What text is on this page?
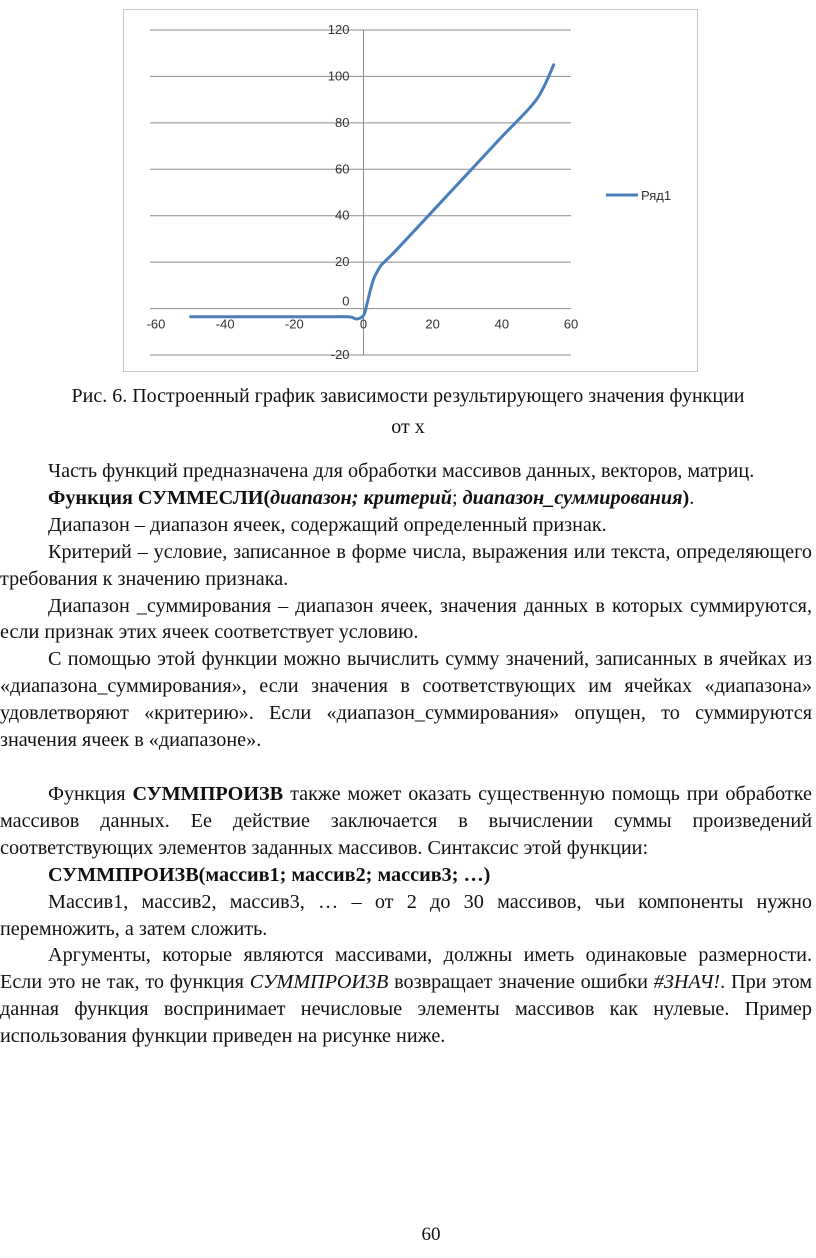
-20
0
20
40
60
80
100
120
-60	-40	-20	0	20	40	60
Ряд1
Рис. 6. Построенный график зависимости результирующего значения функции
от х

Часть функций предназначена для обработки массивов данных, векторов, матриц.

Функция СУММЕСЛИ(диапазон; критерий; диапазон_суммирования).

Диапазон – диапазон ячеек, содержащий определенный признак.

Критерий – условие, записанное в форме числа, выражения или текста, определяющего требования к значению признака.

Диапазон _суммирования – диапазон ячеек, значения данных в которых суммируются, если признак этих ячеек соответствует условию.

С помощью этой функции можно вычислить сумму значений, записанных в ячейках из «диапазона_суммирования», если значения в соответствующих им ячейках «диапазона» удовлетворяют «критерию». Если «диапазон_суммирования» опущен, то суммируются значения ячеек в «диапазоне».

Функция СУММПРОИЗВ также может оказать существенную помощь при обработке массивов данных. Ее действие заключается в вычислении суммы произведений соответствующих элементов заданных массивов. Синтаксис этой функции:

СУММПРОИЗВ(массив1; массив2; массив3; …)

Массив1, массив2, массив3, … – от 2 до 30 массивов, чьи компоненты нужно перемножить, а затем сложить.

Аргументы, которые являются массивами, должны иметь одинаковые размерности. Если это не так, то функция СУММПРОИЗВ возвращает значение ошибки #ЗНАЧ!. При этом данная функция воспринимает нечисловые элементы массивов как нулевые. Пример использования функции приведен на рисунке ниже.

60
